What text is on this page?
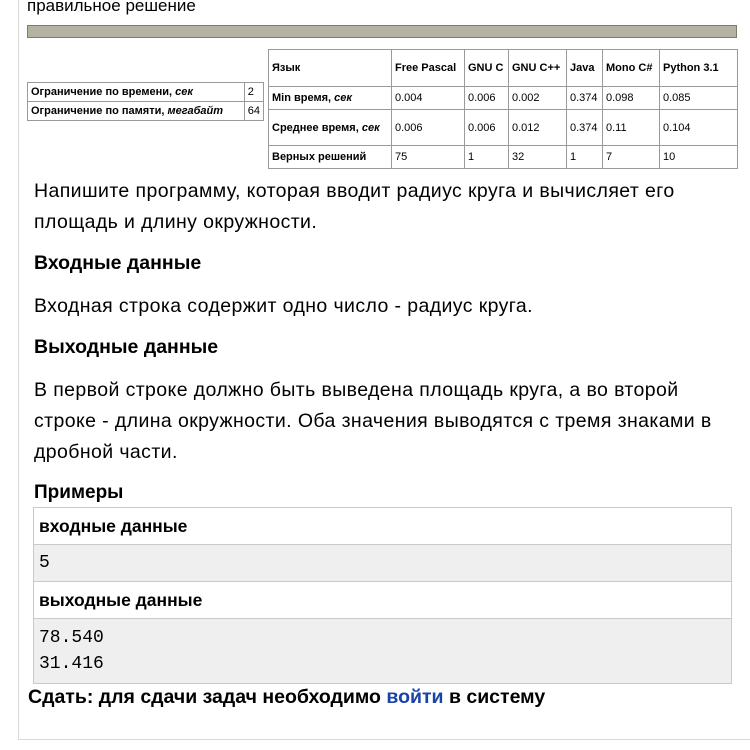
правильное решение
Ограничение по времени, сек	2
Ограничение по памяти, мегабайт	64
Язык	Free Pascal	GNU C	GNU C++	Java	Mono C#	Python 3.1
Min время, сек	0.004	0.006	0.002	0.374	0.098	0.085
Среднее время, сек	0.006	0.006	0.012	0.374	0.11	0.104
Верных решений	75	1	32	1	7	10
Напишите программу, которая вводит радиус круга и вычисляет его площадь и длину окружности.
Входные данные
Входная строка содержит одно число - радиус круга.
Выходные данные
В первой строке должно быть выведена площадь круга, а во второй строке - длина окружности. Оба значения выводятся с тремя знаками в дробной части.
Примеры
входные данные
5
выходные данные
78.540
31.416
Сдать: для сдачи задач необходимо войти в систему
